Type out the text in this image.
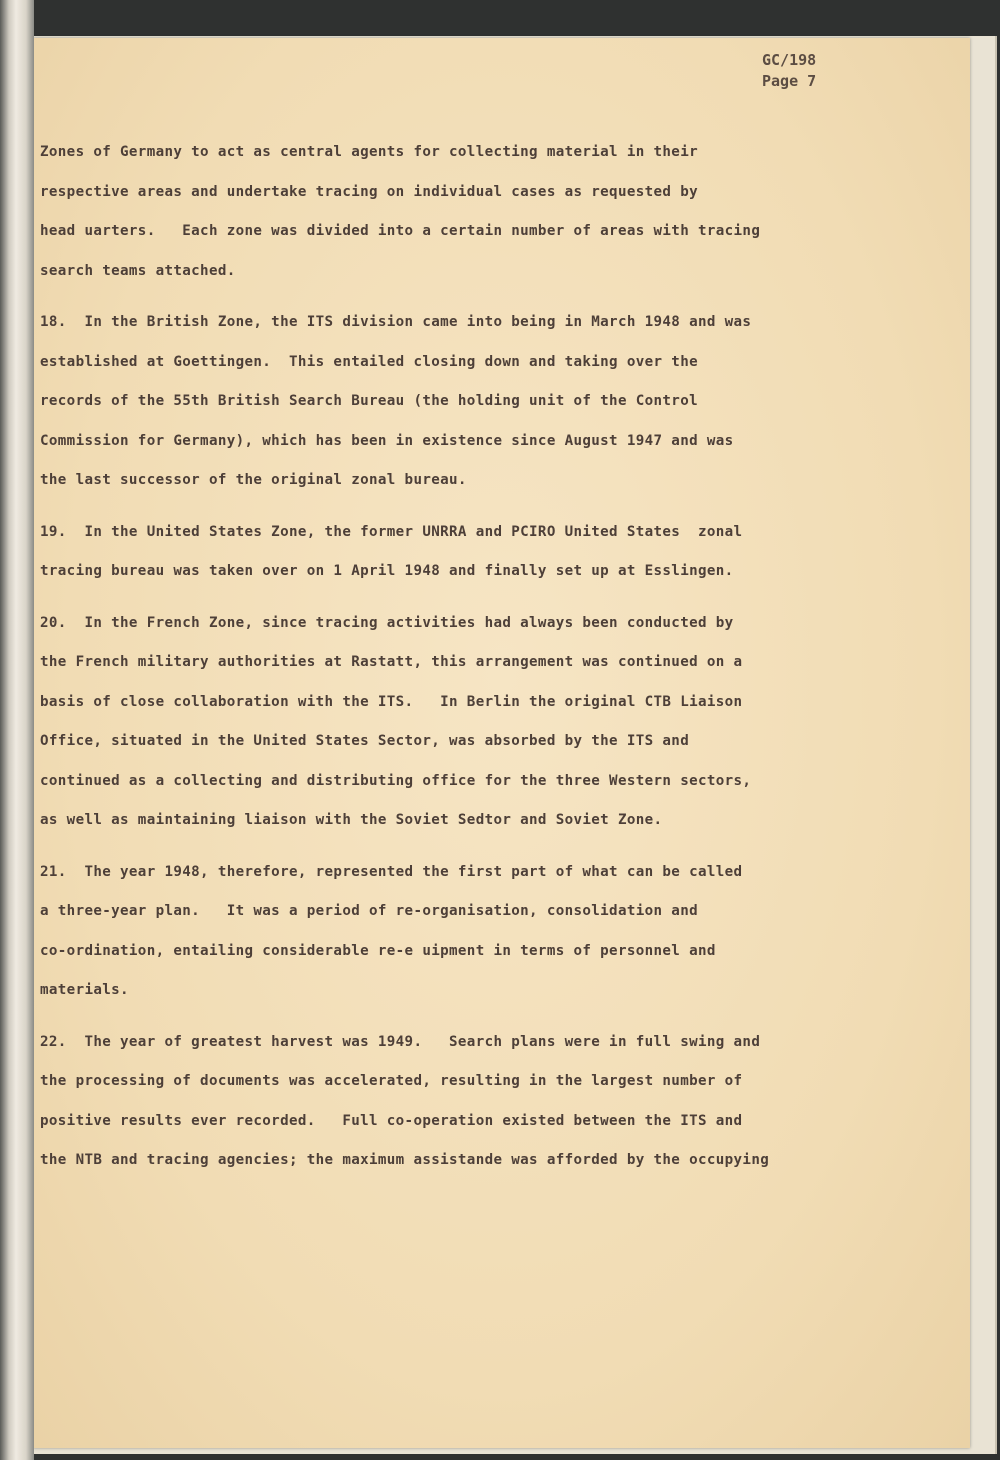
GC/198
Page 7
Zones of Germany to act as central agents for collecting material in their
respective areas and undertake tracing on individual cases as requested by
head uarters.   Each zone was divided into a certain number of areas with tracing
search teams attached.
18.  In the British Zone, the ITS division came into being in March 1948 and was
established at Goettingen.  This entailed closing down and taking over the
records of the 55th British Search Bureau (the holding unit of the Control
Commission for Germany), which has been in existence since August 1947 and was
the last successor of the original zonal bureau.
19.  In the United States Zone, the former UNRRA and PCIRO United States  zonal
tracing bureau was taken over on 1 April 1948 and finally set up at Esslingen.
20.  In the French Zone, since tracing activities had always been conducted by
the French military authorities at Rastatt, this arrangement was continued on a
basis of close collaboration with the ITS.   In Berlin the original CTB Liaison
Office, situated in the United States Sector, was absorbed by the ITS and
continued as a collecting and distributing office for the three Western sectors,
as well as maintaining liaison with the Soviet Sedtor and Soviet Zone.
21.  The year 1948, therefore, represented the first part of what can be called
a three-year plan.   It was a period of re-organisation, consolidation and
co-ordination, entailing considerable re-e uipment in terms of personnel and
materials.
22.  The year of greatest harvest was 1949.   Search plans were in full swing and
the processing of documents was accelerated, resulting in the largest number of
positive results ever recorded.   Full co-operation existed between the ITS and
the NTB and tracing agencies; the maximum assistande was afforded by the occupying
